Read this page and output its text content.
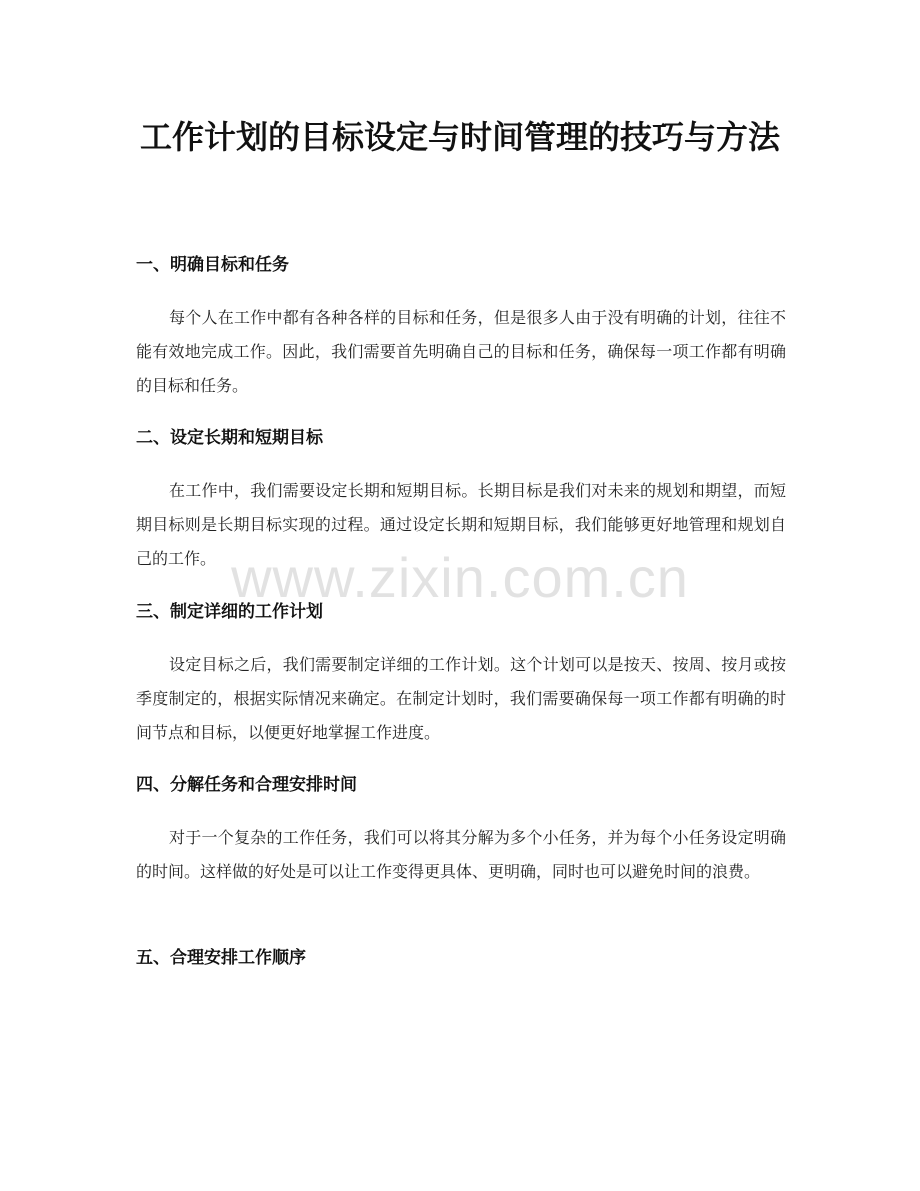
工作计划的目标设定与时间管理的技巧与方法
一、明确目标和任务

每个人在工作中都有各种各样的目标和任务，但是很多人由于没有明确的计划，往往不能有效地完成工作。因此，我们需要首先明确自己的目标和任务，确保每一项工作都有明确的目标和任务。

二、设定长期和短期目标

在工作中，我们需要设定长期和短期目标。长期目标是我们对未来的规划和期望，而短期目标则是长期目标实现的过程。通过设定长期和短期目标，我们能够更好地管理和规划自己的工作。

三、制定详细的工作计划

设定目标之后，我们需要制定详细的工作计划。这个计划可以是按天、按周、按月或按季度制定的，根据实际情况来确定。在制定计划时，我们需要确保每一项工作都有明确的时间节点和目标，以便更好地掌握工作进度。

四、分解任务和合理安排时间

对于一个复杂的工作任务，我们可以将其分解为多个小任务，并为每个小任务设定明确的时间。这样做的好处是可以让工作变得更具体、更明确，同时也可以避免时间的浪费。

五、合理安排工作顺序
www.zixin.com.cn
